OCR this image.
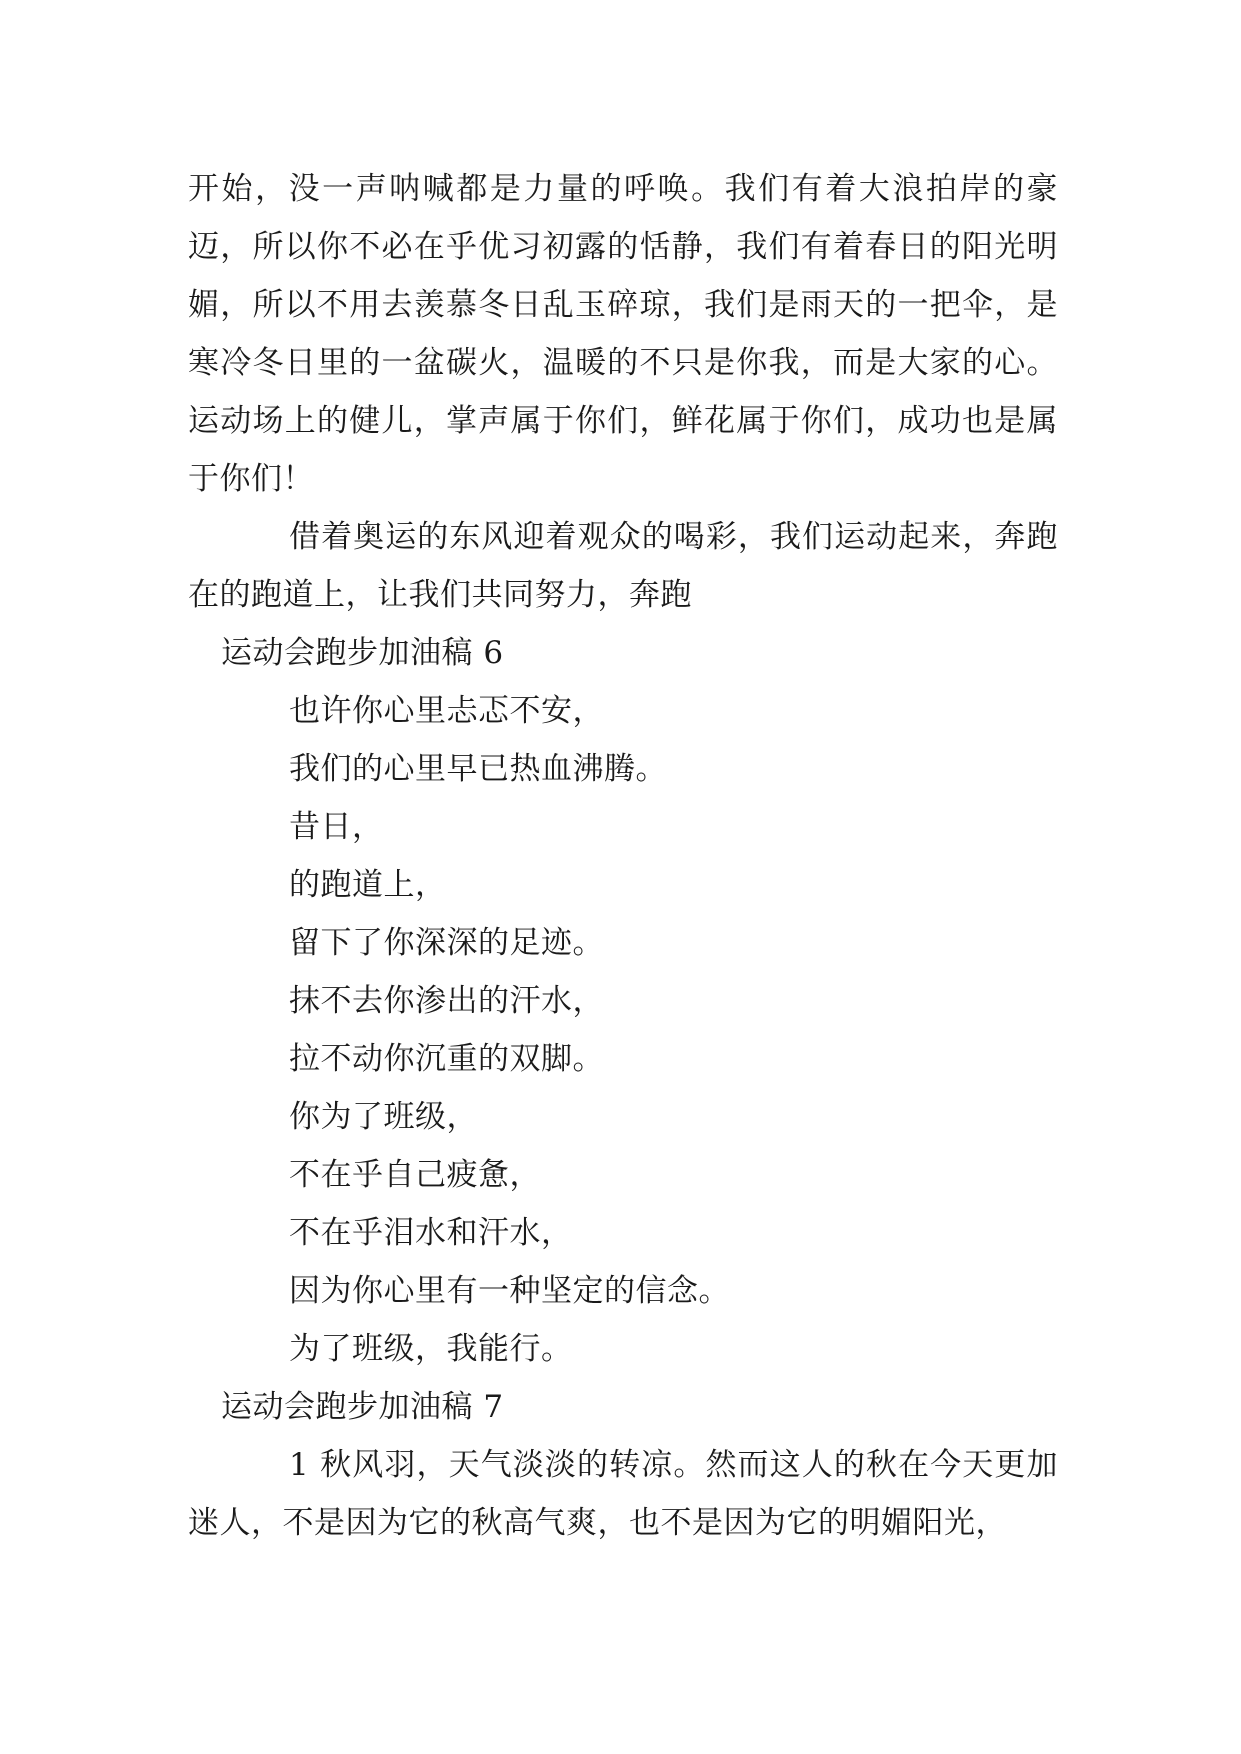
开始，没一声呐喊都是力量的呼唤。我们有着大浪拍岸的豪迈，所以你不必在乎优习初露的恬静，我们有着春日的阳光明媚，所以不用去羡慕冬日乱玉碎琼，我们是雨天的一把伞，是寒冷冬日里的一盆碳火，温暖的不只是你我，而是大家的心。运动场上的健儿，掌声属于你们，鲜花属于你们，成功也是属于你们！

借着奥运的东风迎着观众的喝彩，我们运动起来，奔跑在的跑道上，让我们共同努力，奔跑

运动会跑步加油稿 6

也许你心里忐忑不安，

我们的心里早已热血沸腾。

昔日，

的跑道上，

留下了你深深的足迹。

抹不去你渗出的汗水，

拉不动你沉重的双脚。

你为了班级，

不在乎自己疲惫，

不在乎泪水和汗水，

因为你心里有一种坚定的信念。

为了班级，我能行。

运动会跑步加油稿 7

1 秋风羽，天气淡淡的转凉。然而这人的秋在今天更加迷人，不是因为它的秋高气爽，也不是因为它的明媚阳光，
